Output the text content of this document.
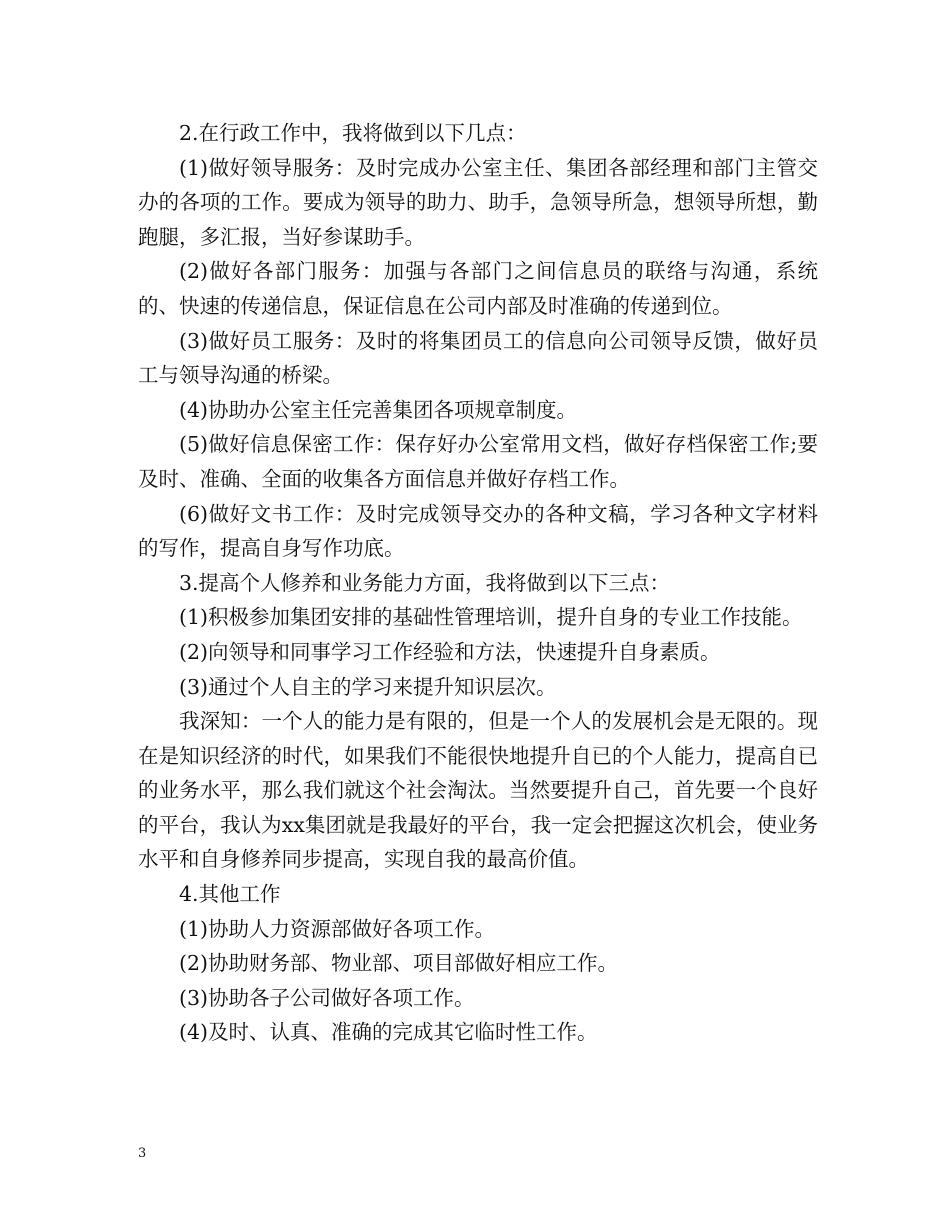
2.在行政工作中，我将做到以下几点：

(1)做好领导服务：及时完成办公室主任、集团各部经理和部门主管交办的各项的工作。要成为领导的助力、助手，急领导所急，想领导所想，勤跑腿，多汇报，当好参谋助手。

(2)做好各部门服务：加强与各部门之间信息员的联络与沟通，系统的、快速的传递信息，保证信息在公司内部及时准确的传递到位。

(3)做好员工服务：及时的将集团员工的信息向公司领导反馈，做好员工与领导沟通的桥梁。

(4)协助办公室主任完善集团各项规章制度。

(5)做好信息保密工作：保存好办公室常用文档，做好存档保密工作;要及时、准确、全面的收集各方面信息并做好存档工作。

(6)做好文书工作：及时完成领导交办的各种文稿，学习各种文字材料的写作，提高自身写作功底。

3.提高个人修养和业务能力方面，我将做到以下三点：

(1)积极参加集团安排的基础性管理培训，提升自身的专业工作技能。

(2)向领导和同事学习工作经验和方法，快速提升自身素质。

(3)通过个人自主的学习来提升知识层次。

我深知：一个人的能力是有限的，但是一个人的发展机会是无限的。现在是知识经济的时代，如果我们不能很快地提升自已的个人能力，提高自已的业务水平，那么我们就这个社会淘汰。当然要提升自己，首先要一个良好的平台，我认为xx集团就是我最好的平台，我一定会把握这次机会，使业务水平和自身修养同步提高，实现自我的最高价值。

4.其他工作

(1)协助人力资源部做好各项工作。

(2)协助财务部、物业部、项目部做好相应工作。

(3)协助各子公司做好各项工作。

(4)及时、认真、准确的完成其它临时性工作。

3
